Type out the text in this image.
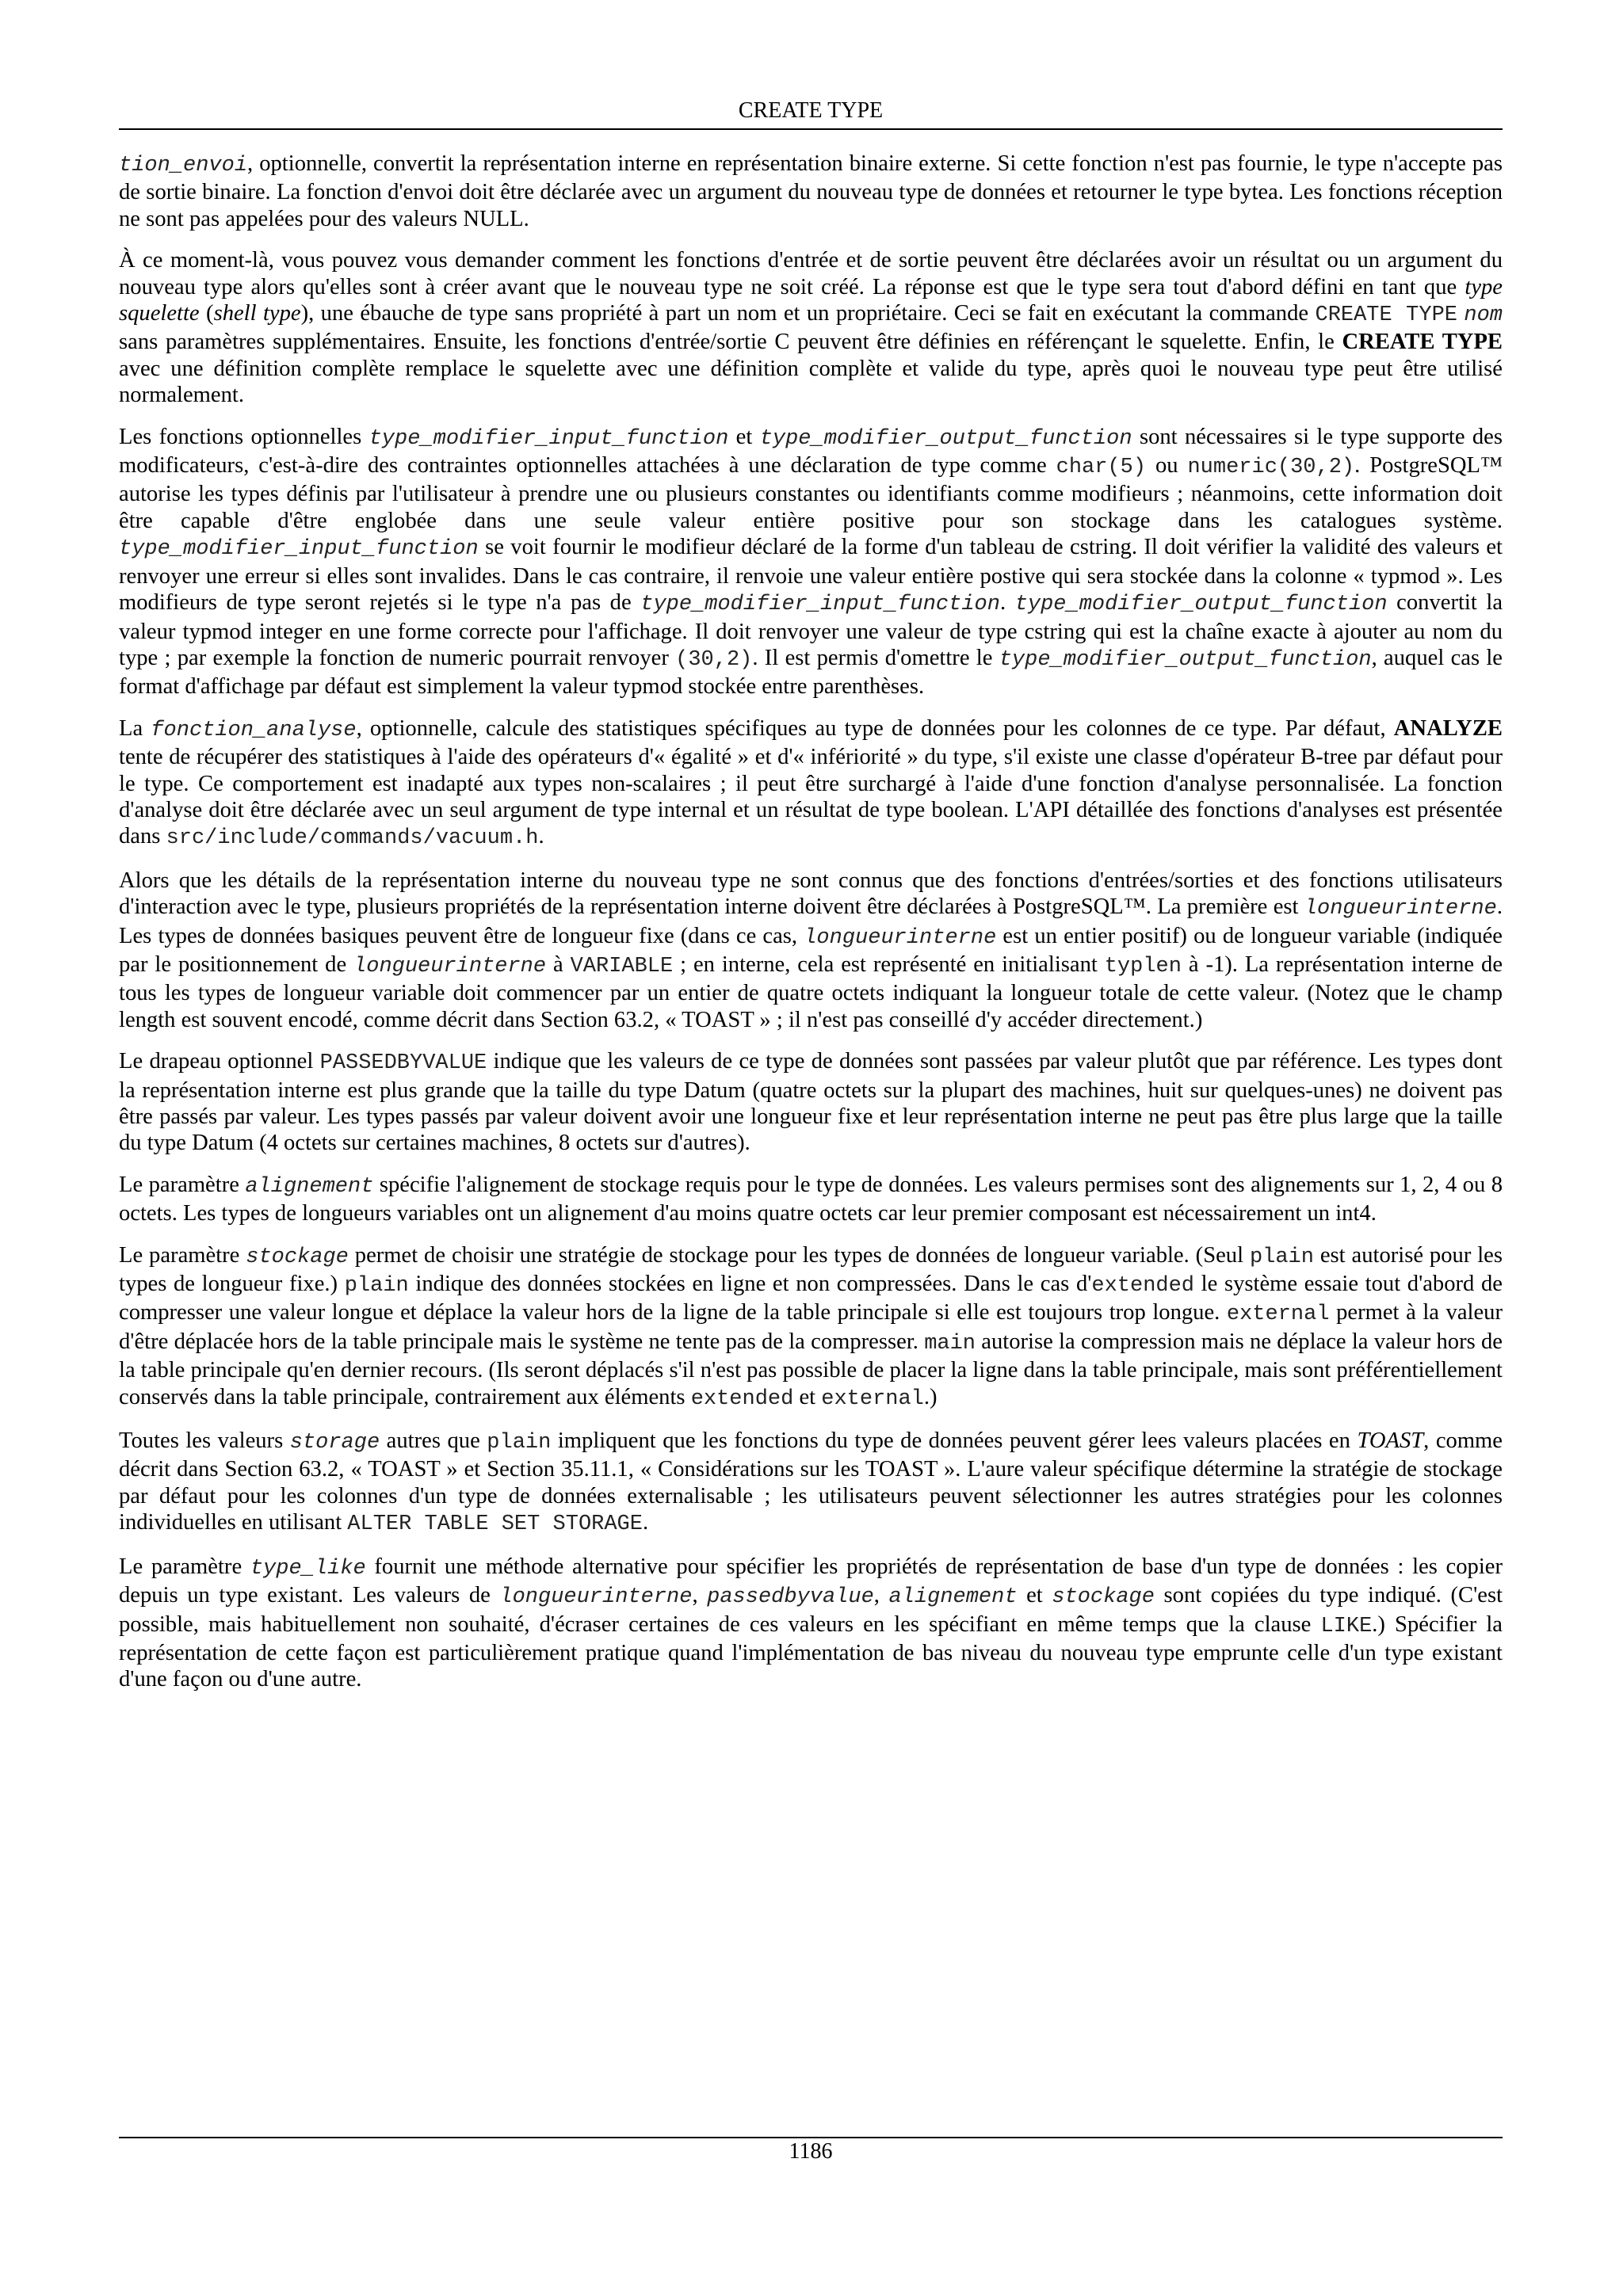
CREATE TYPE

tion_envoi, optionnelle, convertit la représentation interne en représentation binaire externe. Si cette fonction n'est pas fournie, le type n'accepte pas de sortie binaire. La fonction d'envoi doit être déclarée avec un argument du nouveau type de données et retourner le type bytea. Les fonctions réception ne sont pas appelées pour des valeurs NULL.

À ce moment-là, vous pouvez vous demander comment les fonctions d'entrée et de sortie peuvent être déclarées avoir un résultat ou un argument du nouveau type alors qu'elles sont à créer avant que le nouveau type ne soit créé. La réponse est que le type sera tout d'abord défini en tant que type squelette (shell type), une ébauche de type sans propriété à part un nom et un propriétaire. Ceci se fait en exécutant la commande CREATE TYPE nom sans paramètres supplémentaires. Ensuite, les fonctions d'entrée/sortie C peuvent être définies en référençant le squelette. Enfin, le CREATE TYPE avec une définition complète remplace le squelette avec une définition complète et valide du type, après quoi le nouveau type peut être utilisé normalement.

Les fonctions optionnelles type_modifier_input_function et type_modifier_output_function sont nécessaires si le type supporte des modificateurs, c'est-à-dire des contraintes optionnelles attachées à une déclaration de type comme char(5) ou numeric(30,2). PostgreSQL™ autorise les types définis par l'utilisateur à prendre une ou plusieurs constantes ou identifiants comme modifieurs ; néanmoins, cette information doit être capable d'être englobée dans une seule valeur entière positive pour son stockage dans les catalogues système. type_modifier_input_function se voit fournir le modifieur déclaré de la forme d'un tableau de cstring. Il doit vérifier la validité des valeurs et renvoyer une erreur si elles sont invalides. Dans le cas contraire, il renvoie une valeur entière postive qui sera stockée dans la colonne « typmod ». Les modifieurs de type seront rejetés si le type n'a pas de type_modifier_input_function. type_modifier_output_function convertit la valeur typmod integer en une forme correcte pour l'affichage. Il doit renvoyer une valeur de type cstring qui est la chaîne exacte à ajouter au nom du type ; par exemple la fonction de numeric pourrait renvoyer (30,2). Il est permis d'omettre le type_modifier_output_function, auquel cas le format d'affichage par défaut est simplement la valeur typmod stockée entre parenthèses.

La fonction_analyse, optionnelle, calcule des statistiques spécifiques au type de données pour les colonnes de ce type. Par défaut, ANALYZE tente de récupérer des statistiques à l'aide des opérateurs d'« égalité » et d'« infériorité » du type, s'il existe une classe d'opérateur B-tree par défaut pour le type. Ce comportement est inadapté aux types non-scalaires ; il peut être surchargé à l'aide d'une fonction d'analyse personnalisée. La fonction d'analyse doit être déclarée avec un seul argument de type internal et un résultat de type boolean. L'API détaillée des fonctions d'analyses est présentée dans src/include/commands/vacuum.h.

Alors que les détails de la représentation interne du nouveau type ne sont connus que des fonctions d'entrées/sorties et des fonctions utilisateurs d'interaction avec le type, plusieurs propriétés de la représentation interne doivent être déclarées à PostgreSQL™. La première est longueurinterne. Les types de données basiques peuvent être de longueur fixe (dans ce cas, longueurinterne est un entier positif) ou de longueur variable (indiquée par le positionnement de longueurinterne à VARIABLE ; en interne, cela est représenté en initialisant typlen à -1). La représentation interne de tous les types de longueur variable doit commencer par un entier de quatre octets indiquant la longueur totale de cette valeur. (Notez que le champ length est souvent encodé, comme décrit dans Section 63.2, « TOAST » ; il n'est pas conseillé d'y accéder directement.)

Le drapeau optionnel PASSEDBYVALUE indique que les valeurs de ce type de données sont passées par valeur plutôt que par référence. Les types dont la représentation interne est plus grande que la taille du type Datum (quatre octets sur la plupart des machines, huit sur quelques-unes) ne doivent pas être passés par valeur. Les types passés par valeur doivent avoir une longueur fixe et leur représentation interne ne peut pas être plus large que la taille du type Datum (4 octets sur certaines machines, 8 octets sur d'autres).

Le paramètre alignement spécifie l'alignement de stockage requis pour le type de données. Les valeurs permises sont des alignements sur 1, 2, 4 ou 8 octets. Les types de longueurs variables ont un alignement d'au moins quatre octets car leur premier composant est nécessairement un int4.

Le paramètre stockage permet de choisir une stratégie de stockage pour les types de données de longueur variable. (Seul plain est autorisé pour les types de longueur fixe.) plain indique des données stockées en ligne et non compressées. Dans le cas d'extended le système essaie tout d'abord de compresser une valeur longue et déplace la valeur hors de la ligne de la table principale si elle est toujours trop longue. external permet à la valeur d'être déplacée hors de la table principale mais le système ne tente pas de la compresser. main autorise la compression mais ne déplace la valeur hors de la table principale qu'en dernier recours. (Ils seront déplacés s'il n'est pas possible de placer la ligne dans la table principale, mais sont préférentiellement conservés dans la table principale, contrairement aux éléments extended et external.)

Toutes les valeurs storage autres que plain impliquent que les fonctions du type de données peuvent gérer lees valeurs placées en TOAST, comme décrit dans Section 63.2, « TOAST » et Section 35.11.1, « Considérations sur les TOAST ». L'aure valeur spécifique détermine la stratégie de stockage par défaut pour les colonnes d'un type de données externalisable ; les utilisateurs peuvent sélectionner les autres stratégies pour les colonnes individuelles en utilisant ALTER TABLE SET STORAGE.

Le paramètre type_like fournit une méthode alternative pour spécifier les propriétés de représentation de base d'un type de données : les copier depuis un type existant. Les valeurs de longueurinterne, passedbyvalue, alignement et stockage sont copiées du type indiqué. (C'est possible, mais habituellement non souhaité, d'écraser certaines de ces valeurs en les spécifiant en même temps que la clause LIKE.) Spécifier la représentation de cette façon est particulièrement pratique quand l'implémentation de bas niveau du nouveau type emprunte celle d'un type existant d'une façon ou d'une autre.

1186
